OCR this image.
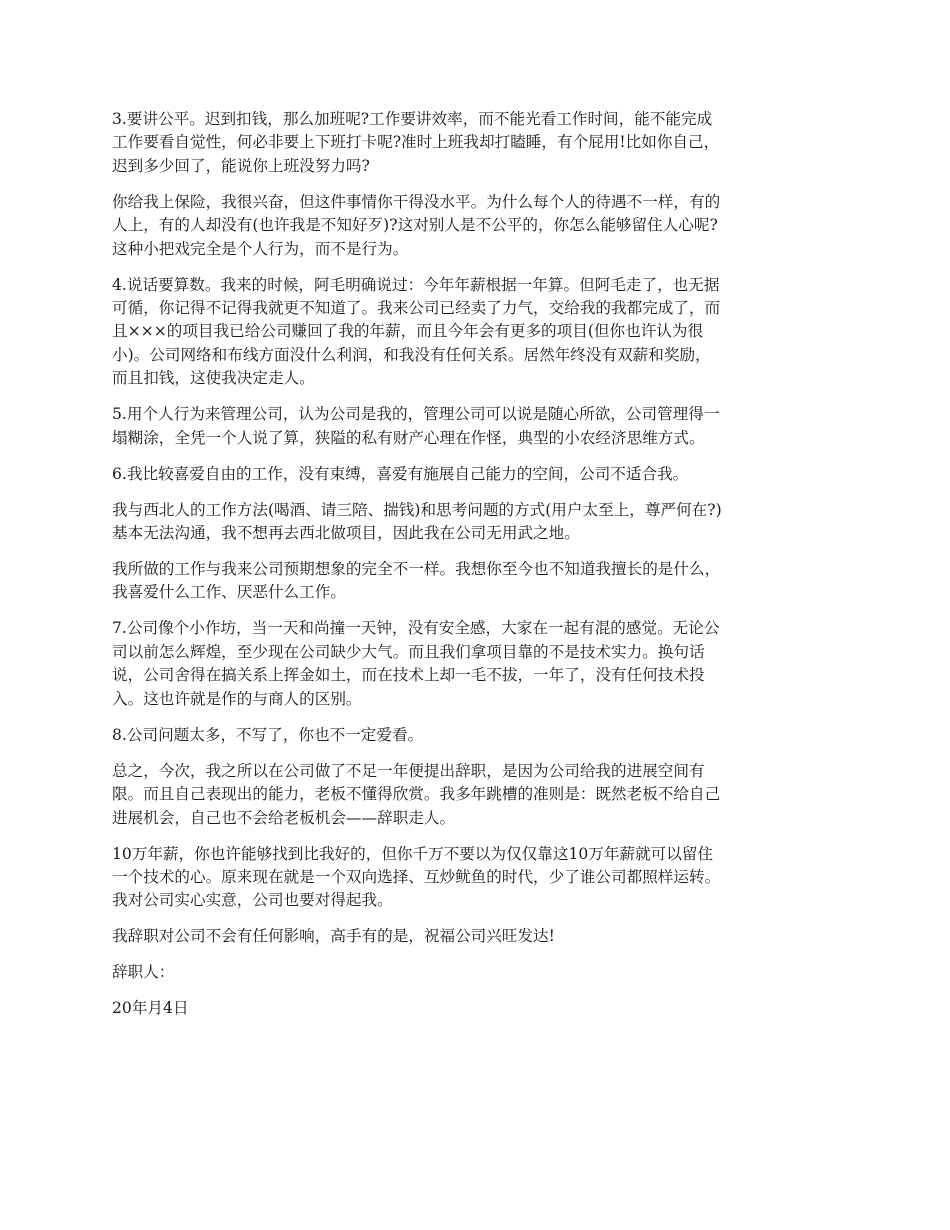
3.要讲公平。迟到扣钱，那么加班呢?工作要讲效率，而不能光看工作时间，能不能完成
工作要看自觉性，何必非要上下班打卡呢?准时上班我却打瞌睡，有个屁用!比如你自己，
迟到多少回了，能说你上班没努力吗?

你给我上保险，我很兴奋，但这件事情你干得没水平。为什么每个人的待遇不一样，有的
人上，有的人却没有(也许我是不知好歹)?这对别人是不公平的，你怎么能够留住人心呢?
这种小把戏完全是个人行为，而不是行为。

4.说话要算数。我来的时候，阿毛明确说过：今年年薪根据一年算。但阿毛走了，也无据
可循，你记得不记得我就更不知道了。我来公司已经卖了力气，交给我的我都完成了，而
且×××的项目我已给公司赚回了我的年薪，而且今年会有更多的项目(但你也许认为很
小)。公司网络和布线方面没什么利润，和我没有任何关系。居然年终没有双薪和奖励，
而且扣钱，这使我决定走人。

5.用个人行为来管理公司，认为公司是我的，管理公司可以说是随心所欲，公司管理得一
塌糊涂，全凭一个人说了算，狭隘的私有财产心理在作怪，典型的小农经济思维方式。

6.我比较喜爱自由的工作，没有束缚，喜爱有施展自己能力的空间，公司不适合我。

我与西北人的工作方法(喝酒、请三陪、揣钱)和思考问题的方式(用户太至上，尊严何在?)
基本无法沟通，我不想再去西北做项目，因此我在公司无用武之地。

我所做的工作与我来公司预期想象的完全不一样。我想你至今也不知道我擅长的是什么，
我喜爱什么工作、厌恶什么工作。

7.公司像个小作坊，当一天和尚撞一天钟，没有安全感，大家在一起有混的感觉。无论公
司以前怎么辉煌，至少现在公司缺少大气。而且我们拿项目靠的不是技术实力。换句话
说，公司舍得在搞关系上挥金如土，而在技术上却一毛不拔，一年了，没有任何技术投
入。这也许就是作的与商人的区别。

8.公司问题太多，不写了，你也不一定爱看。

总之，今次，我之所以在公司做了不足一年便提出辞职，是因为公司给我的进展空间有
限。而且自己表现出的能力，老板不懂得欣赏。我多年跳槽的准则是：既然老板不给自己
进展机会，自己也不会给老板机会——辞职走人。

10万年薪，你也许能够找到比我好的，但你千万不要以为仅仅靠这10万年薪就可以留住
一个技术的心。原来现在就是一个双向选择、互炒鱿鱼的时代，少了谁公司都照样运转。
我对公司实心实意，公司也要对得起我。

我辞职对公司不会有任何影响，高手有的是，祝福公司兴旺发达!

辞职人：

20年月4日
